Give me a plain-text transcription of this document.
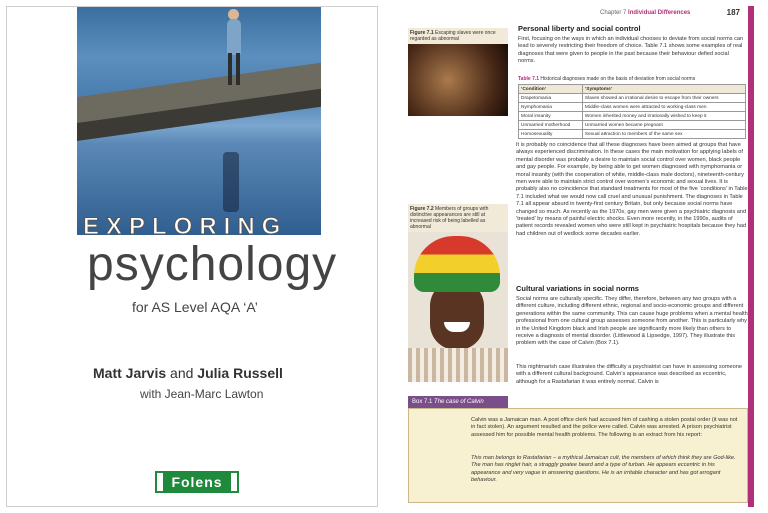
EXPLORING
psychology
for AS Level AQA ‘A’
Matt Jarvis and Julia Russell
with Jean-Marc Lawton
Folens
Chapter 7 Individual Differences	187
Figure 7.1 Escaping slaves were once regarded as abnormal
Personal liberty and social control
First, focusing on the ways in which an individual chooses to deviate from social norms can lead to severely restricting their freedom of choice. Table 7.1 shows some examples of real diagnoses that were given to people in the past because their behaviour defied social norms.
Table 7.1 Historical diagnoses made on the basis of deviation from social norms
‘Condition’	‘Symptoms’
Drapetomania	Slaves showed an irrational desire to escape from their owners
Nymphomania	Middle-class women were attracted to working-class men
Moral insanity	Women inherited money and irrationally wished to keep it
Unmarried motherhood	Unmarried women became pregnant
Homosexuality	Sexual attraction to members of the same sex
It is probably no coincidence that all these diagnoses have been aimed at groups that have always experienced discrimination. In these cases the main motivation for applying labels of mental disorder was probably a desire to maintain social control over women, black people and gay people. For example, by being able to get women diagnosed with nymphomania or moral insanity (with the cooperation of white, middle-class male doctors), nineteenth-century men were able to maintain strict control over women’s economic and sexual lives. It is probably also no coincidence that standard treatments for most of the five ‘conditions’ in Table 7.1 included what we would now call cruel and unusual punishment. The diagnoses in Table 7.1 all appear absurd in twenty-first century Britain, but only because social norms have changed so much. As recently as the 1970s, gay men were given a psychiatric diagnosis and ‘treated’ by means of painful electric shocks. Even more recently, in the 1990s, audits of patient records revealed women who were still kept in psychiatric hospitals because they had had children out of wedlock some decades earlier.
Figure 7.2 Members of groups with distinctive appearances are still at increased risk of being labelled as abnormal
Cultural variations in social norms
Social norms are culturally specific. They differ, therefore, between any two groups with a different culture, including different ethnic, regional and socio-economic groups and different generations within the same community. This can cause huge problems when a mental health professional from one cultural group assesses someone from another. This is particularly why in the United Kingdom black and Irish people are significantly more likely than others to receive a diagnosis of mental disorder. (Littlewood & Lipsedge, 1997). They illustrate this problem with the case of Calvin (Box 7.1).
This nightmarish case illustrates the difficulty a psychiatrist can have in assessing someone with a different cultural background. Calvin’s appearance was described as eccentric, although for a Rastafarian it was entirely normal. Calvin is
Box 7.1 The case of Calvin
Calvin was a Jamaican man. A post office clerk had accused him of cashing a stolen postal order (it was not in fact stolen). An argument resulted and the police were called. Calvin was arrested. A prison psychiatrist assessed him for possible mental health problems. The following is an extract from his report:
This man belongs to Rastafarian – a mythical Jamaican cult, the members of which think they are God-like. The man has ringlet hair, a straggly goatee beard and a type of turban. He appears eccentric in his appearance and very vague in answering questions. He is an irritable character and has got arrogant behaviour.
